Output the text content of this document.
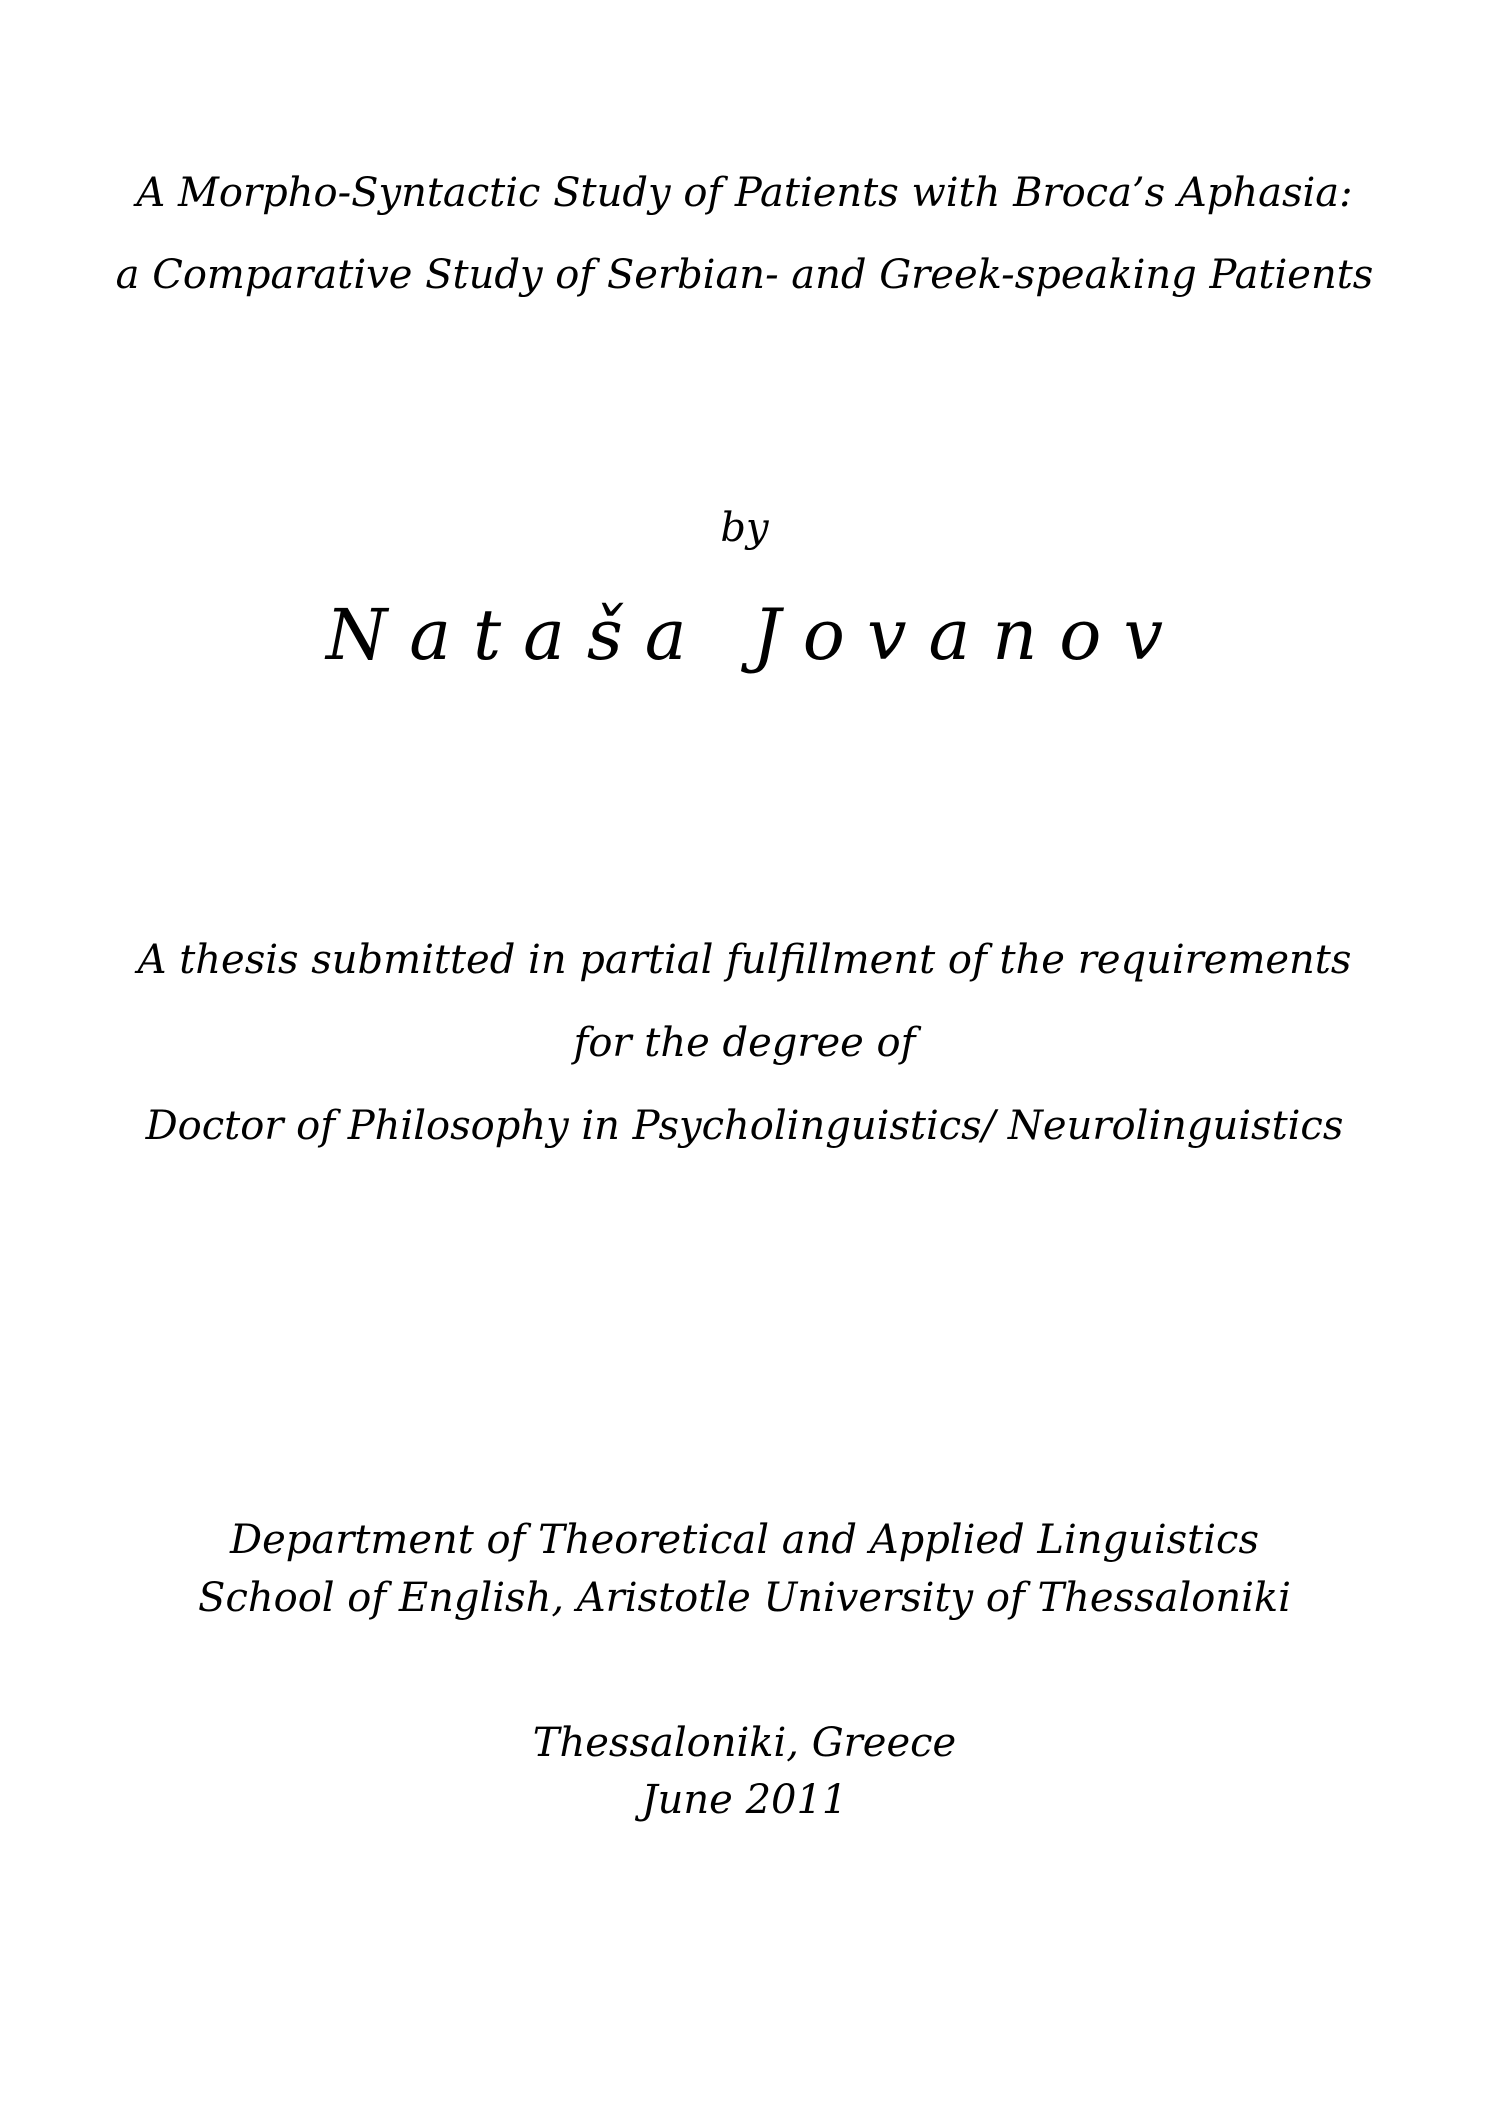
A Morpho-Syntactic Study of Patients with Broca’s Aphasia:
a Comparative Study of Serbian- and Greek-speaking Patients
by
Nataša Jovanov
A thesis submitted in partial fulfillment of the requirements
for the degree of
Doctor of Philosophy in Psycholinguistics/ Neurolinguistics
Department of Theoretical and Applied Linguistics
School of English, Aristotle University of Thessaloniki
Thessaloniki, Greece
June 2011
